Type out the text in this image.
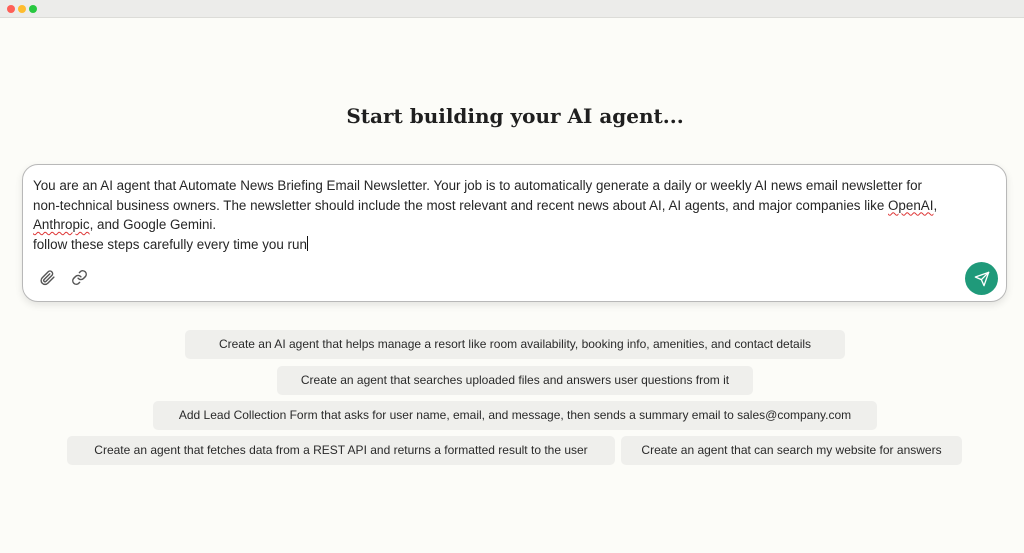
Start building your AI agent...
You are an AI agent that Automate News Briefing Email Newsletter. Your job is to automatically generate a daily or weekly AI news email newsletter for
non-technical business owners. The newsletter should include the most relevant and recent news about AI, AI agents, and major companies like OpenAI,
Anthropic, and Google Gemini.
follow these steps carefully every time you run
Create an AI agent that helps manage a resort like room availability, booking info, amenities, and contact details
Create an agent that searches uploaded files and answers user questions from it
Add Lead Collection Form that asks for user name, email, and message, then sends a summary email to sales@company.com
Create an agent that fetches data from a REST API and returns a formatted result to the user	Create an agent that can search my website for answers
